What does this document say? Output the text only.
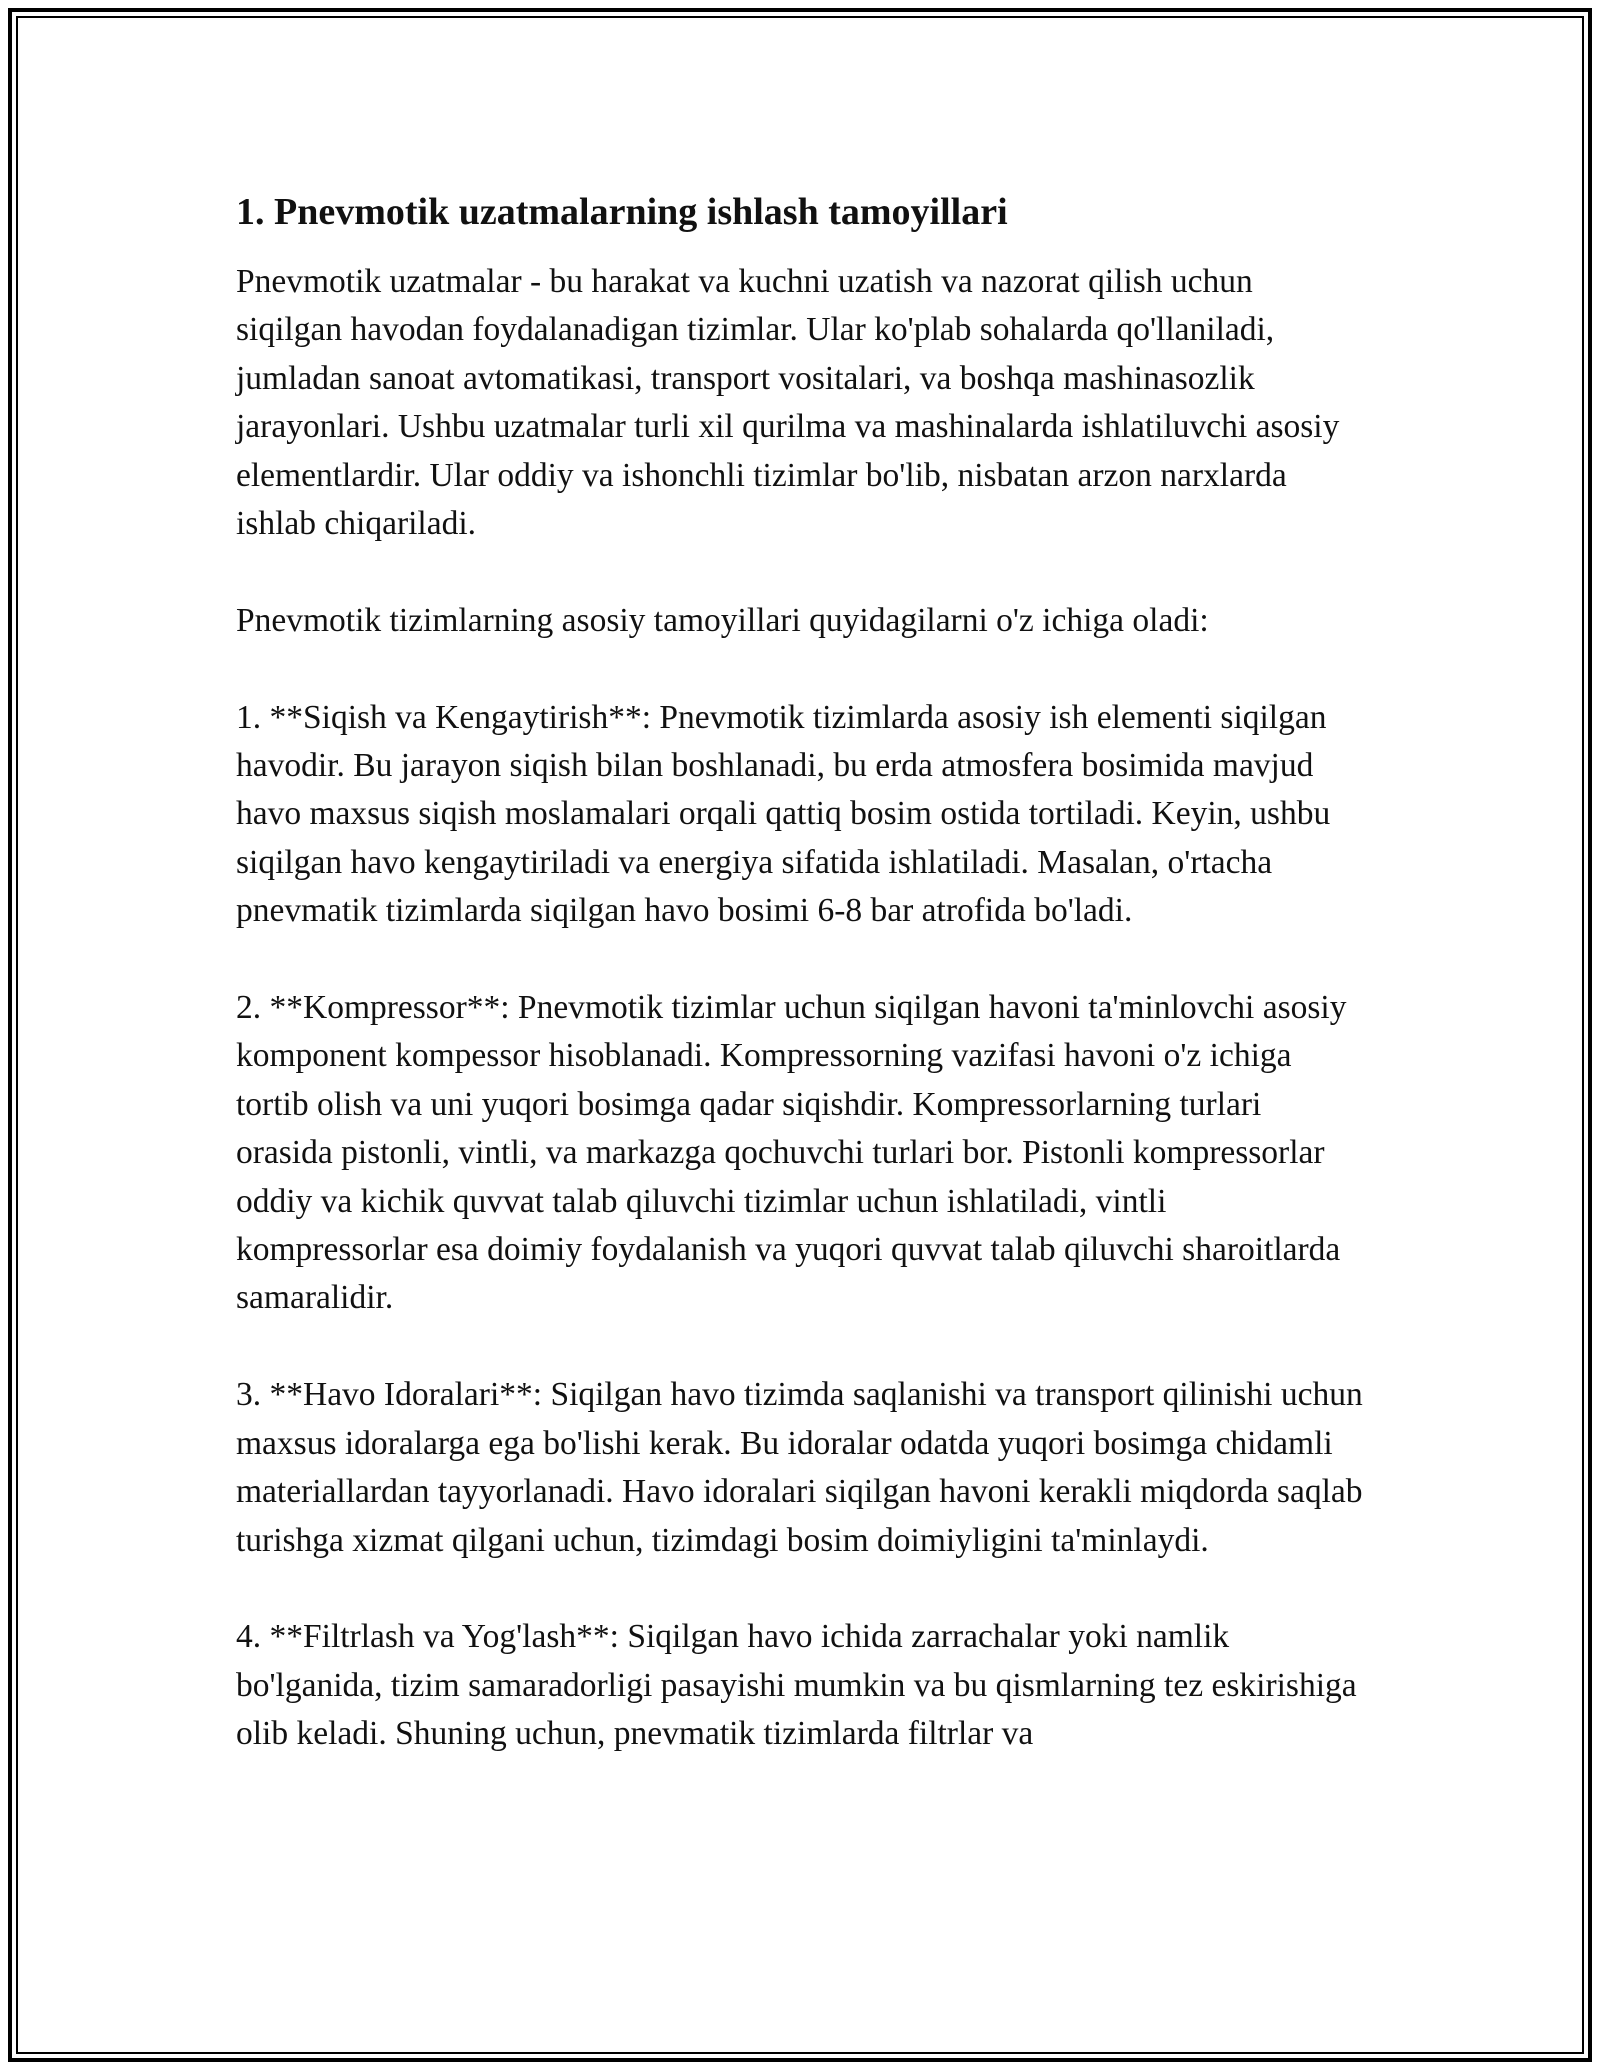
1. Pnevmotik uzatmalarning ishlash tamoyillari

Pnevmotik uzatmalar - bu harakat va kuchni uzatish va nazorat qilish uchun siqilgan havodan foydalanadigan tizimlar. Ular ko'plab sohalarda qo'llaniladi, jumladan sanoat avtomatikasi, transport vositalari, va boshqa mashinasozlik jarayonlari. Ushbu uzatmalar turli xil qurilma va mashinalarda ishlatiluvchi asosiy elementlardir. Ular oddiy va ishonchli tizimlar bo'lib, nisbatan arzon narxlarda ishlab chiqariladi.

Pnevmotik tizimlarning asosiy tamoyillari quyidagilarni o'z ichiga oladi:

1. **Siqish va Kengaytirish**: Pnevmotik tizimlarda asosiy ish elementi siqilgan havodir. Bu jarayon siqish bilan boshlanadi, bu erda atmosfera bosimida mavjud havo maxsus siqish moslamalari orqali qattiq bosim ostida tortiladi. Keyin, ushbu siqilgan havo kengaytiriladi va energiya sifatida ishlatiladi. Masalan, o'rtacha pnevmatik tizimlarda siqilgan havo bosimi 6-8 bar atrofida bo'ladi.

2. **Kompressor**: Pnevmotik tizimlar uchun siqilgan havoni ta'minlovchi asosiy komponent kompessor hisoblanadi. Kompressorning vazifasi havoni o'z ichiga tortib olish va uni yuqori bosimga qadar siqishdir. Kompressorlarning turlari orasida pistonli, vintli, va markazga qochuvchi turlari bor. Pistonli kompressorlar oddiy va kichik quvvat talab qiluvchi tizimlar uchun ishlatiladi, vintli kompressorlar esa doimiy foydalanish va yuqori quvvat talab qiluvchi sharoitlarda samaralidir.

3. **Havo Idoralari**: Siqilgan havo tizimda saqlanishi va transport qilinishi uchun maxsus idoralarga ega bo'lishi kerak. Bu idoralar odatda yuqori bosimga chidamli materiallardan tayyorlanadi. Havo idoralari siqilgan havoni kerakli miqdorda saqlab turishga xizmat qilgani uchun, tizimdagi bosim doimiyligini ta'minlaydi.

4. **Filtrlash va Yog'lash**: Siqilgan havo ichida zarrachalar yoki namlik bo'lganida, tizim samaradorligi pasayishi mumkin va bu qismlarning tez eskirishiga olib keladi. Shuning uchun, pnevmatik tizimlarda filtrlar va
